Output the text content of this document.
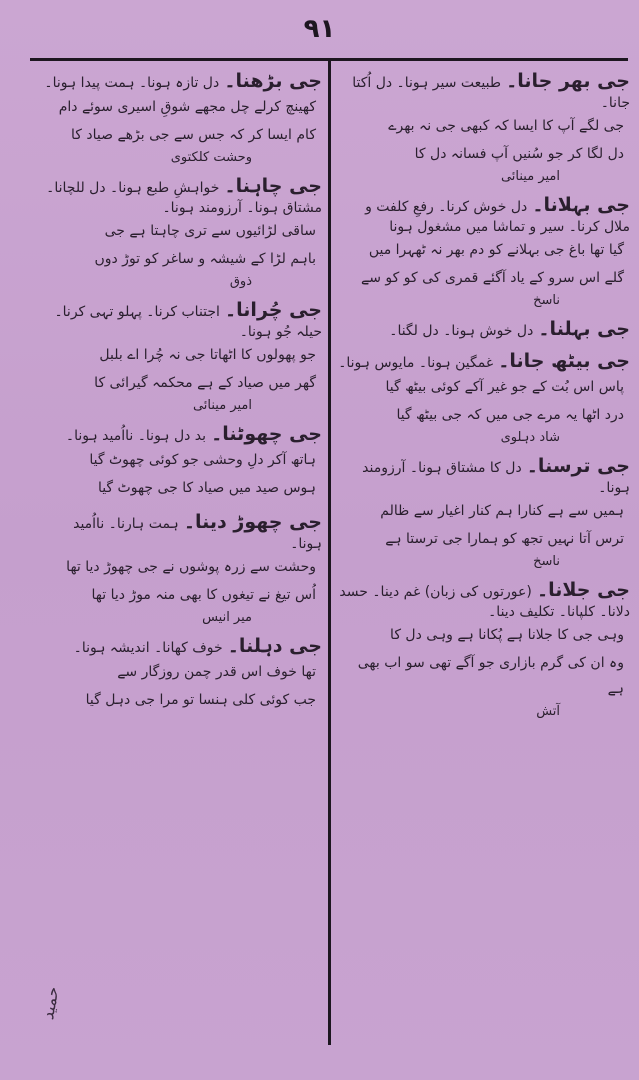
۹۱
جی بھر جانا۔ طبیعت سیر ہونا۔ دل اُکتا جانا۔
جی لگے آپ کا ایسا کہ کبھی جی نہ بھرے
دل لگا کر جو سُنیں آپ فسانہ دل کا
امیر مینائی
جی بہلانا۔ دل خوش کرنا۔ رفعِ کلفت و ملال کرنا۔ سیر و تماشا میں مشغول ہونا
گیا تھا باغ جی بہلانے کو دم بھر نہ ٹھہرا میں
گلے اس سرو کے یاد آگئے قمری کی کو کو سے
ناسخ
جی بہلنا۔ دل خوش ہونا۔ دل لگنا۔
جی بیٹھ جانا۔ غمگین ہونا۔ مایوس ہونا۔
پاس اس بُت کے جو غیر آکے کوئی بیٹھ گیا
درد اٹھا یہ مرے جی میں کہ جی بیٹھ گیا
شاد دہلوی
جی ترسنا۔ دل کا مشتاق ہونا۔ آرزومند ہونا۔
ہمیں سے ہے کنارا ہم کنار اغیار سے ظالم
ترس آتا نہیں تجھ کو ہمارا جی ترستا ہے
ناسخ
جی جلانا۔ (عورتوں کی زبان) غم دینا۔ حسد دلانا۔ کلپانا۔ تکلیف دینا۔
وہی جی کا جلانا ہے پُکانا ہے وہی دل کا
وہ ان کی گرم بازاری جو آگے تھی سو اب بھی ہے
آتش
جی بڑھنا۔ دل تازہ ہونا۔ ہمت پیدا ہونا۔
کھینچ کرلے چل مجھے شوقِ اسیری سوئے دام
کام ایسا کر کہ جس سے جی بڑھے صیاد کا
وحشت کلکتوی
جی چاہنا۔ خواہشِ طبع ہونا۔ دل للچانا۔ مشتاق ہونا۔ آرزومند ہونا۔
ساقی لڑائیوں سے تری چاہتا ہے جی
باہم لڑا کے شیشہ و ساغر کو توڑ دوں
ذوق
جی چُرانا۔ اجتناب کرنا۔ پہلو تہی کرنا۔ حیلہ جُو ہونا۔
جو پھولوں کا اٹھاتا جی نہ چُرا اے بلبل
گھر میں صیاد کے ہے محکمہ گیرائی کا
امیر مینائی
جی چھوٹنا۔ بد دل ہونا۔ نااُمید ہونا۔
ہاتھ آکر دلِ وحشی جو کوئی چھوٹ گیا
ہوس صید میں صیاد کا جی چھوٹ گیا
جی چھوڑ دینا۔ ہمت ہارنا۔ نااُمید ہونا۔
وحشت سے زرہ پوشوں نے جی چھوڑ دیا تھا
اُس تیغ نے تیغوں کا بھی منہ موڑ دیا تھا
میر انیس
جی دہلنا۔ خوف کھانا۔ اندیشہ ہونا۔
تھا خوف اس قدر چمن روزگار سے
جب کوئی کلی ہنسا تو مرا جی دہل گیا
حمید
